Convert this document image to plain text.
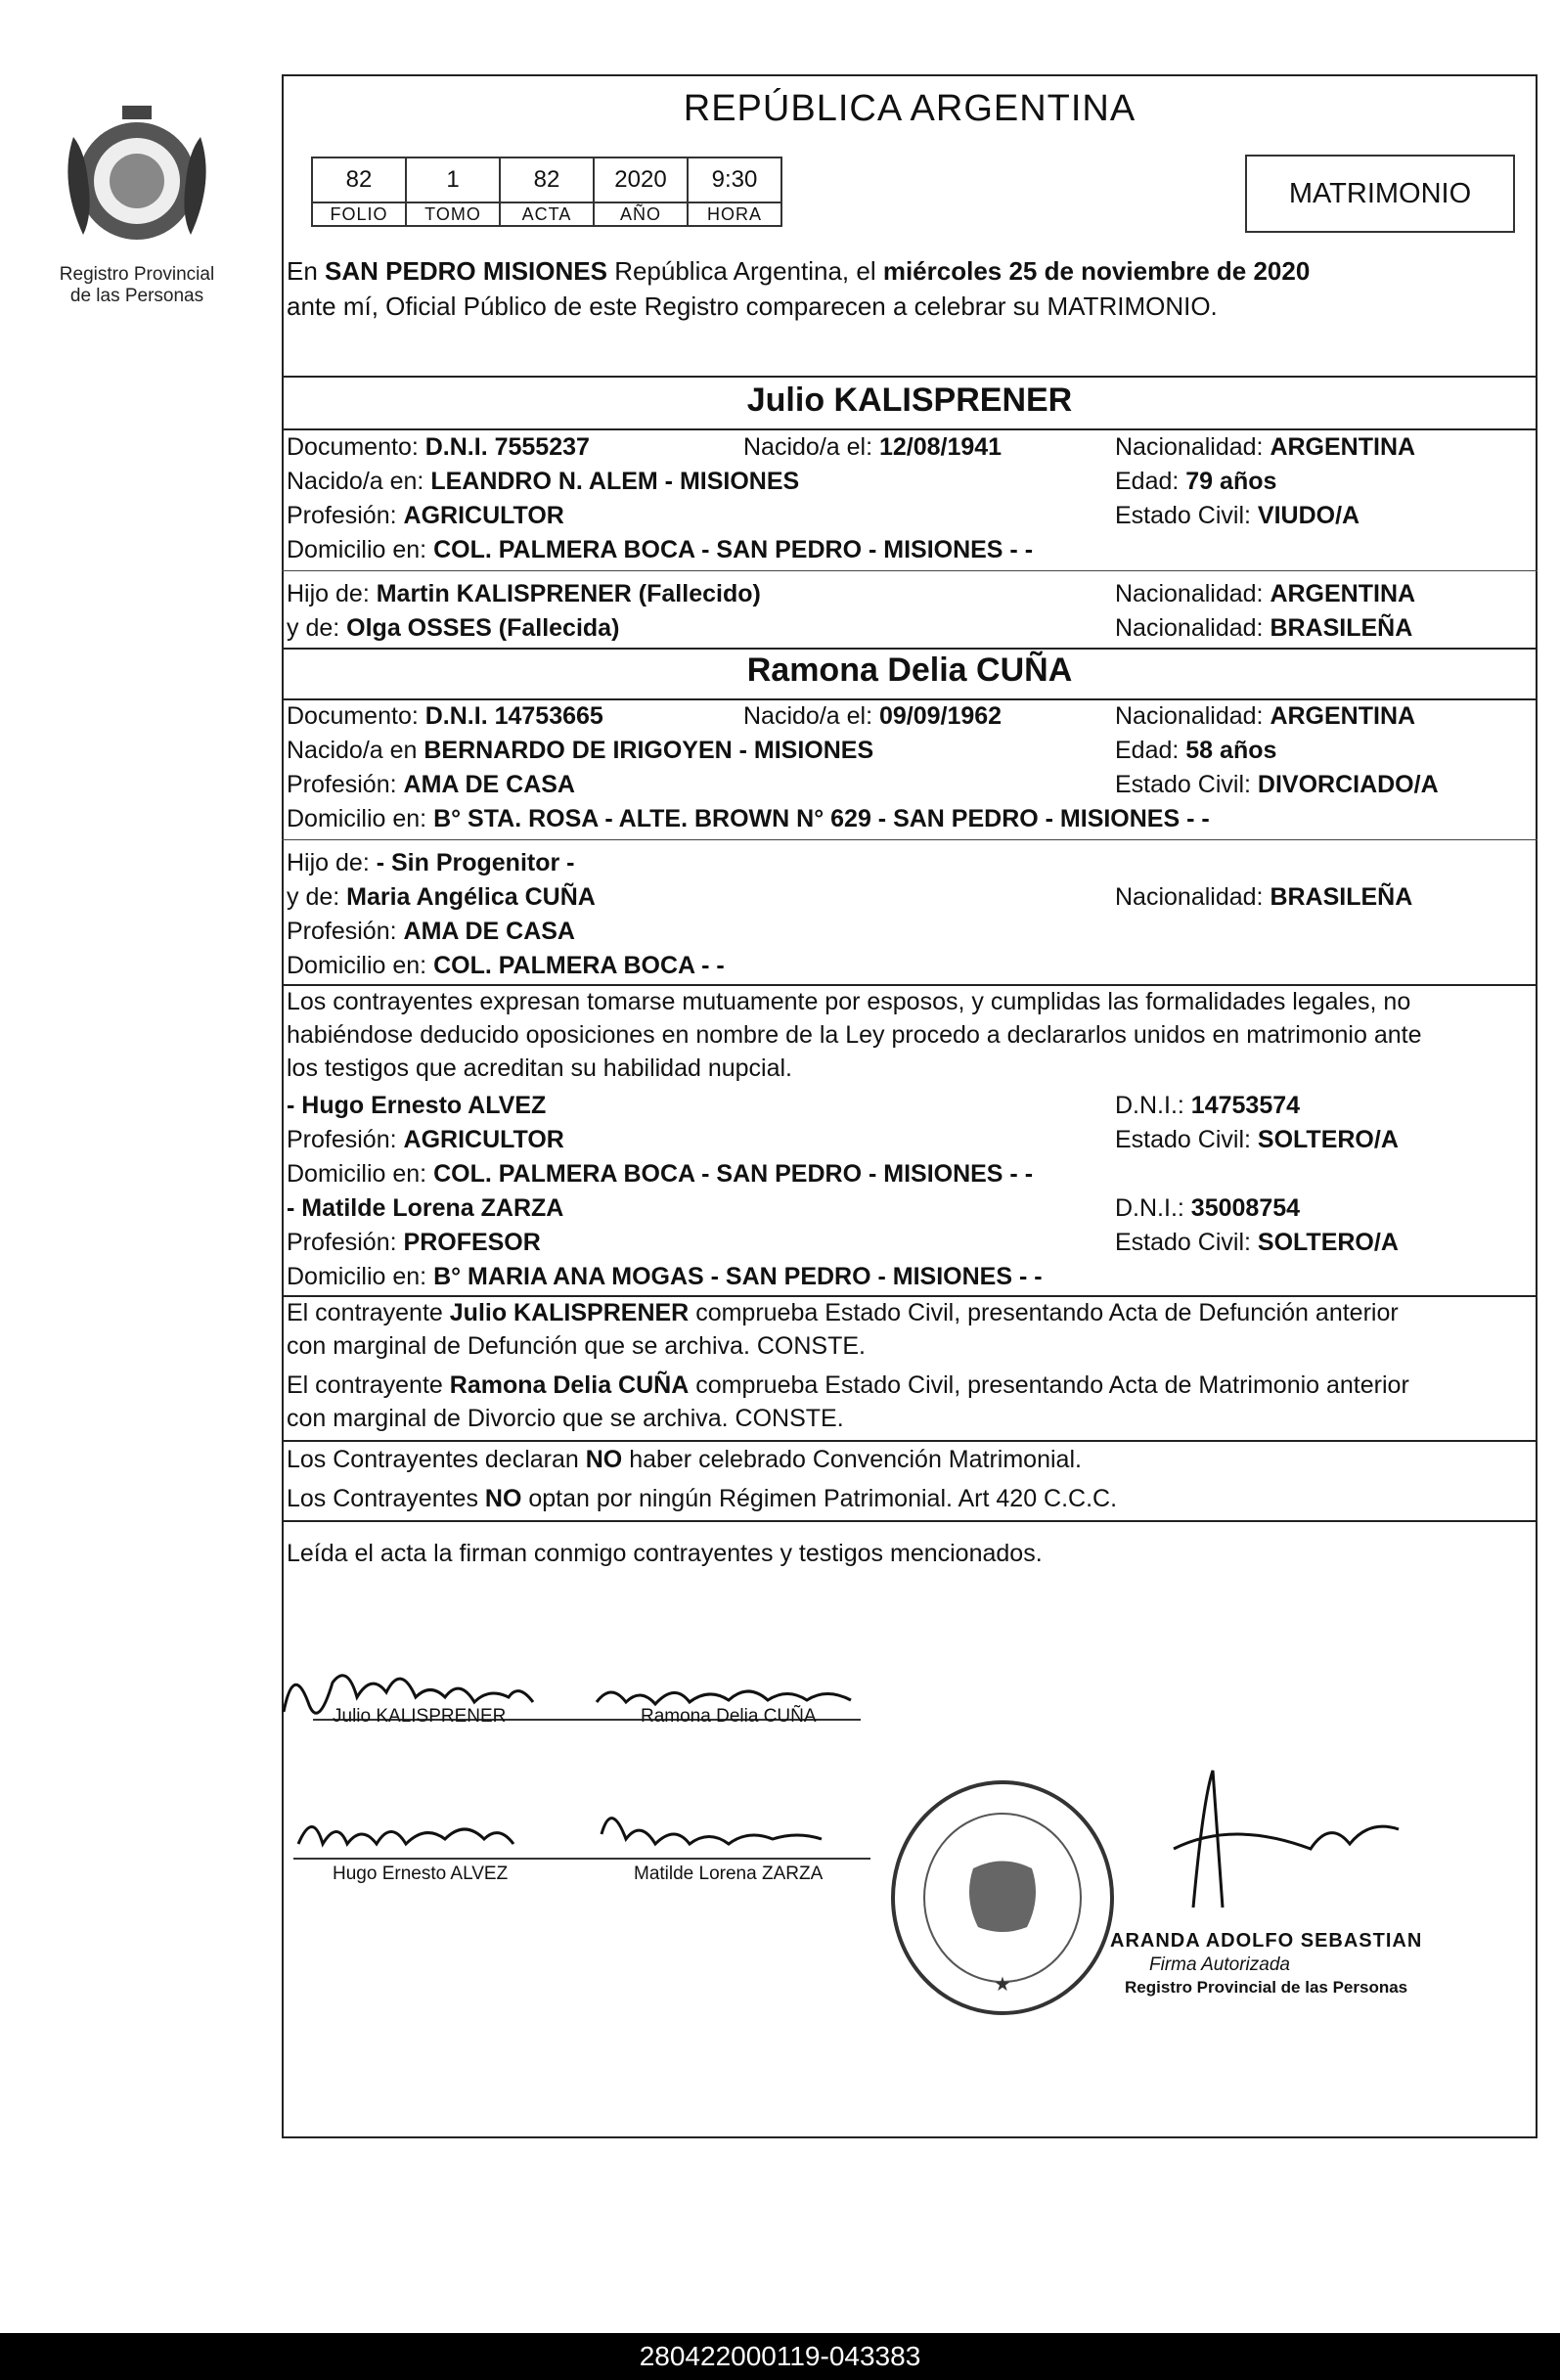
Registro Provincial
de las Personas
REPÚBLICA ARGENTINA
82	1	82	2020	9:30
FOLIO	TOMO	ACTA	AÑO	HORA
MATRIMONIO
En SAN PEDRO MISIONES República Argentina, el miércoles 25 de noviembre de 2020
ante mí, Oficial Público de este Registro comparecen a celebrar su MATRIMONIO.
Julio KALISPRENER
Documento: D.N.I. 7555237	Nacido/a el: 12/08/1941	Nacionalidad: ARGENTINA
Nacido/a en: LEANDRO N. ALEM - MISIONES	Edad: 79 años
Profesión: AGRICULTOR	Estado Civil: VIUDO/A
Domicilio en: COL. PALMERA BOCA - SAN PEDRO - MISIONES - -
Hijo de: Martin KALISPRENER (Fallecido)	Nacionalidad: ARGENTINA
y de: Olga OSSES (Fallecida)	Nacionalidad: BRASILEÑA
Ramona Delia CUÑA
Documento: D.N.I. 14753665	Nacido/a el: 09/09/1962	Nacionalidad: ARGENTINA
Nacido/a en BERNARDO DE IRIGOYEN - MISIONES	Edad: 58 años
Profesión: AMA DE CASA	Estado Civil: DIVORCIADO/A
Domicilio en: B° STA. ROSA - ALTE. BROWN N° 629 - SAN PEDRO - MISIONES - -
Hijo de: - Sin Progenitor -
y de: Maria Angélica CUÑA	Nacionalidad: BRASILEÑA
Profesión: AMA DE CASA
Domicilio en: COL. PALMERA BOCA - -
Los contrayentes expresan tomarse mutuamente por esposos, y cumplidas las formalidades legales, no
habiéndose deducido oposiciones en nombre de la Ley procedo a declararlos unidos en matrimonio ante
los testigos que acreditan su habilidad nupcial.
- Hugo Ernesto ALVEZ	D.N.I.: 14753574
Profesión: AGRICULTOR	Estado Civil: SOLTERO/A
Domicilio en: COL. PALMERA BOCA - SAN PEDRO - MISIONES - -
- Matilde Lorena ZARZA	D.N.I.: 35008754
Profesión: PROFESOR	Estado Civil: SOLTERO/A
Domicilio en: B° MARIA ANA MOGAS - SAN PEDRO - MISIONES - -
El contrayente Julio KALISPRENER comprueba Estado Civil, presentando Acta de Defunción anterior
con marginal de Defunción que se archiva. CONSTE.
El contrayente Ramona Delia CUÑA comprueba Estado Civil, presentando Acta de Matrimonio anterior
con marginal de Divorcio que se archiva. CONSTE.
Los Contrayentes declaran NO haber celebrado Convención Matrimonial.
Los Contrayentes NO optan por ningún Régimen Patrimonial. Art 420 C.C.C.
Leída el acta la firman conmigo contrayentes y testigos mencionados.
Julio KALISPRENER	Ramona Delia CUÑA
Hugo Ernesto ALVEZ	Matilde Lorena ZARZA
★
ARANDA ADOLFO SEBASTIAN
Firma Autorizada
Registro Provincial de las Personas
280422000119-043383
